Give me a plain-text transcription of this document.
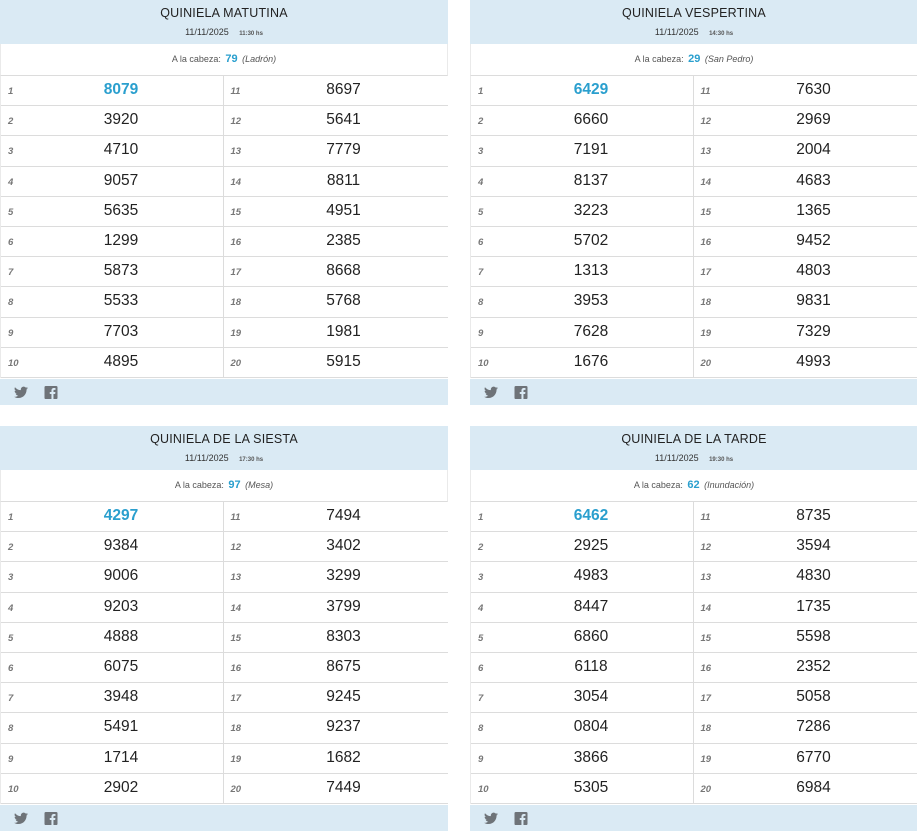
QUINIELA MATUTINA
11/11/2025 11:30 hs
A la cabeza: 79 (Ladrón)
1	8079
2	3920
3	4710
4	9057
5	5635
6	1299
7	5873
8	5533
9	7703
10	4895
11	8697
12	5641
13	7779
14	8811
15	4951
16	2385
17	8668
18	5768
19	1981
20	5915
QUINIELA VESPERTINA
11/11/2025 14:30 hs
A la cabeza: 29 (San Pedro)
1	6429
2	6660
3	7191
4	8137
5	3223
6	5702
7	1313
8	3953
9	7628
10	1676
11	7630
12	2969
13	2004
14	4683
15	1365
16	9452
17	4803
18	9831
19	7329
20	4993
QUINIELA DE LA SIESTA
11/11/2025 17:30 hs
A la cabeza: 97 (Mesa)
1	4297
2	9384
3	9006
4	9203
5	4888
6	6075
7	3948
8	5491
9	1714
10	2902
11	7494
12	3402
13	3299
14	3799
15	8303
16	8675
17	9245
18	9237
19	1682
20	7449
QUINIELA DE LA TARDE
11/11/2025 19:30 hs
A la cabeza: 62 (Inundación)
1	6462
2	2925
3	4983
4	8447
5	6860
6	6118
7	3054
8	0804
9	3866
10	5305
11	8735
12	3594
13	4830
14	1735
15	5598
16	2352
17	5058
18	7286
19	6770
20	6984
